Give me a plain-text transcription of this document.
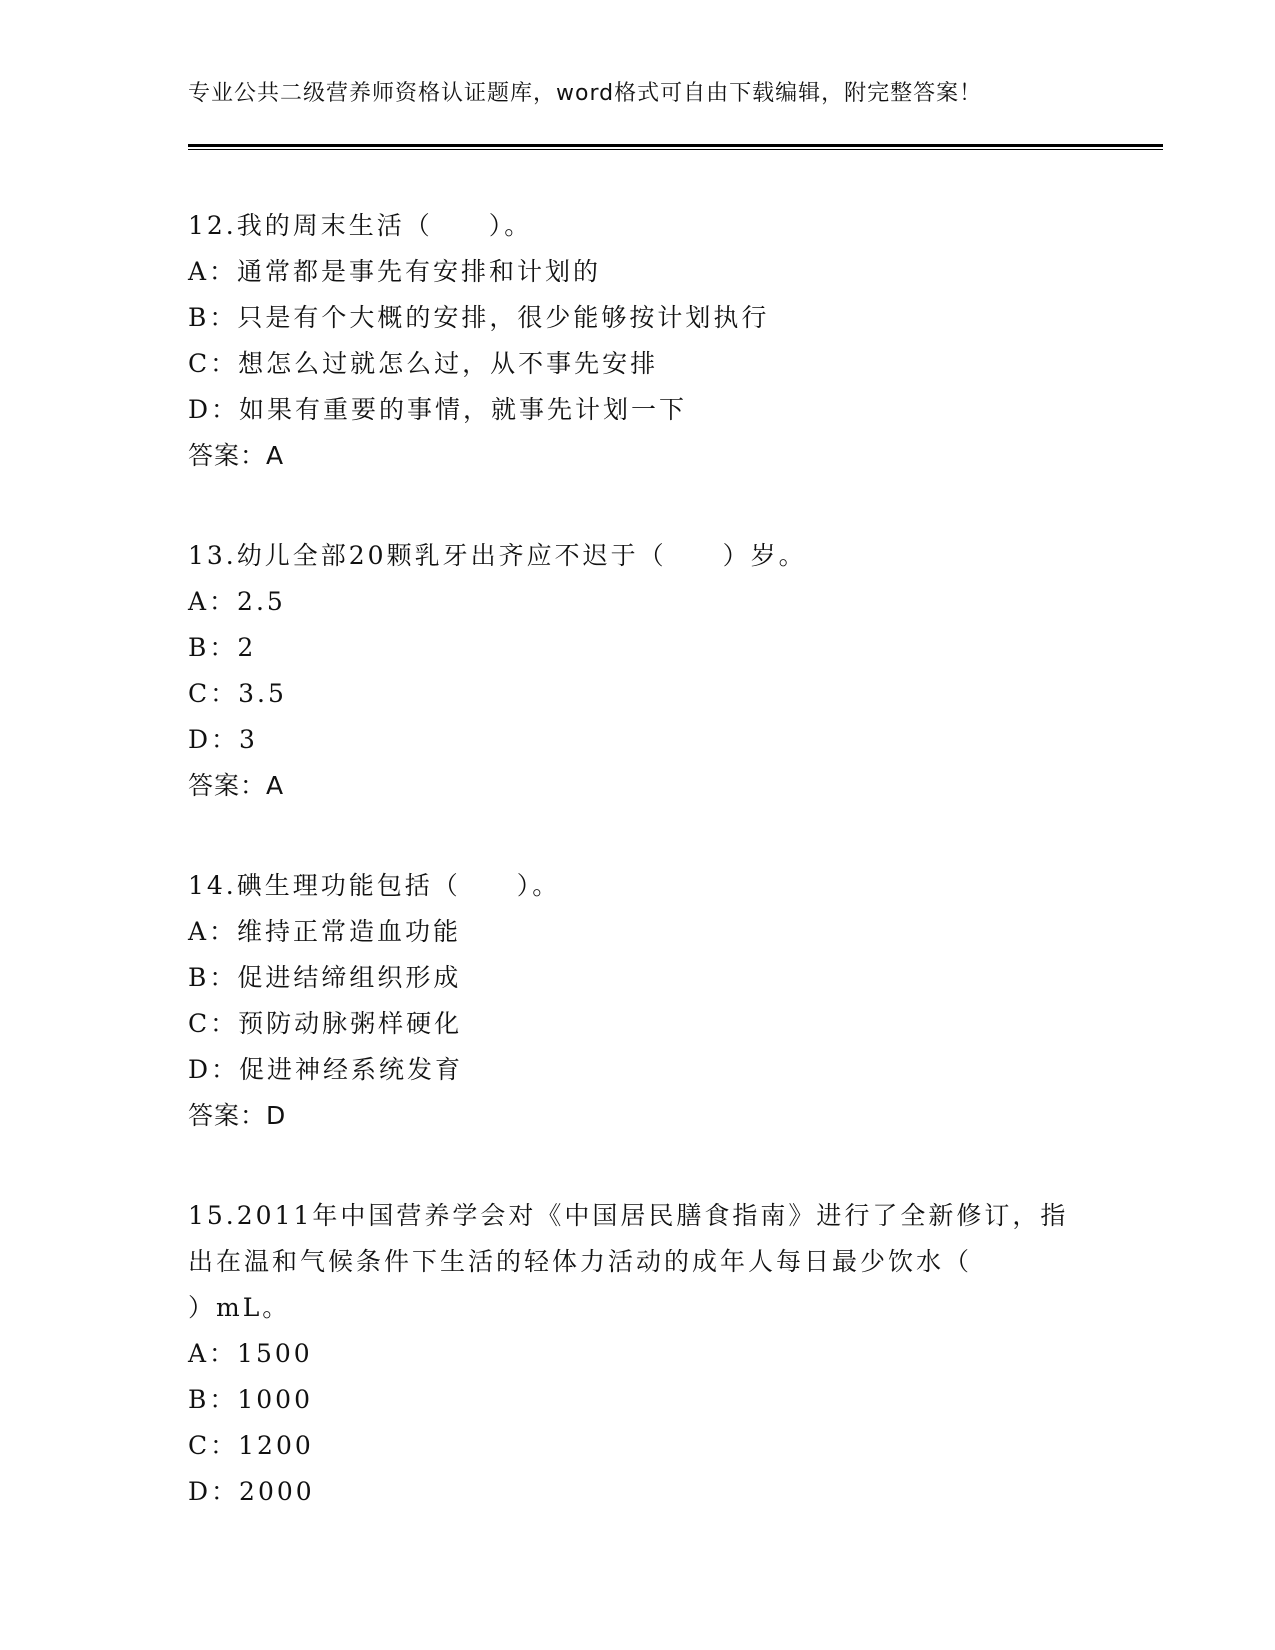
专业公共二级营养师资格认证题库，word格式可自由下载编辑，附完整答案！

12.我的周末生活（　　）。

A：通常都是事先有安排和计划的

B：只是有个大概的安排，很少能够按计划执行

C：想怎么过就怎么过，从不事先安排

D：如果有重要的事情，就事先计划一下

答案：A

13.幼儿全部20颗乳牙出齐应不迟于（　　）岁。

A：2.5

B：2

C：3.5

D：3

答案：A

14.碘生理功能包括（　　）。

A：维持正常造血功能

B：促进结缔组织形成

C：预防动脉粥样硬化

D：促进神经系统发育

答案：D

15.2011年中国营养学会对《中国居民膳食指南》进行了全新修订，指

出在温和气候条件下生活的轻体力活动的成年人每日最少饮水（

）mL。

A：1500

B：1000

C：1200

D：2000
